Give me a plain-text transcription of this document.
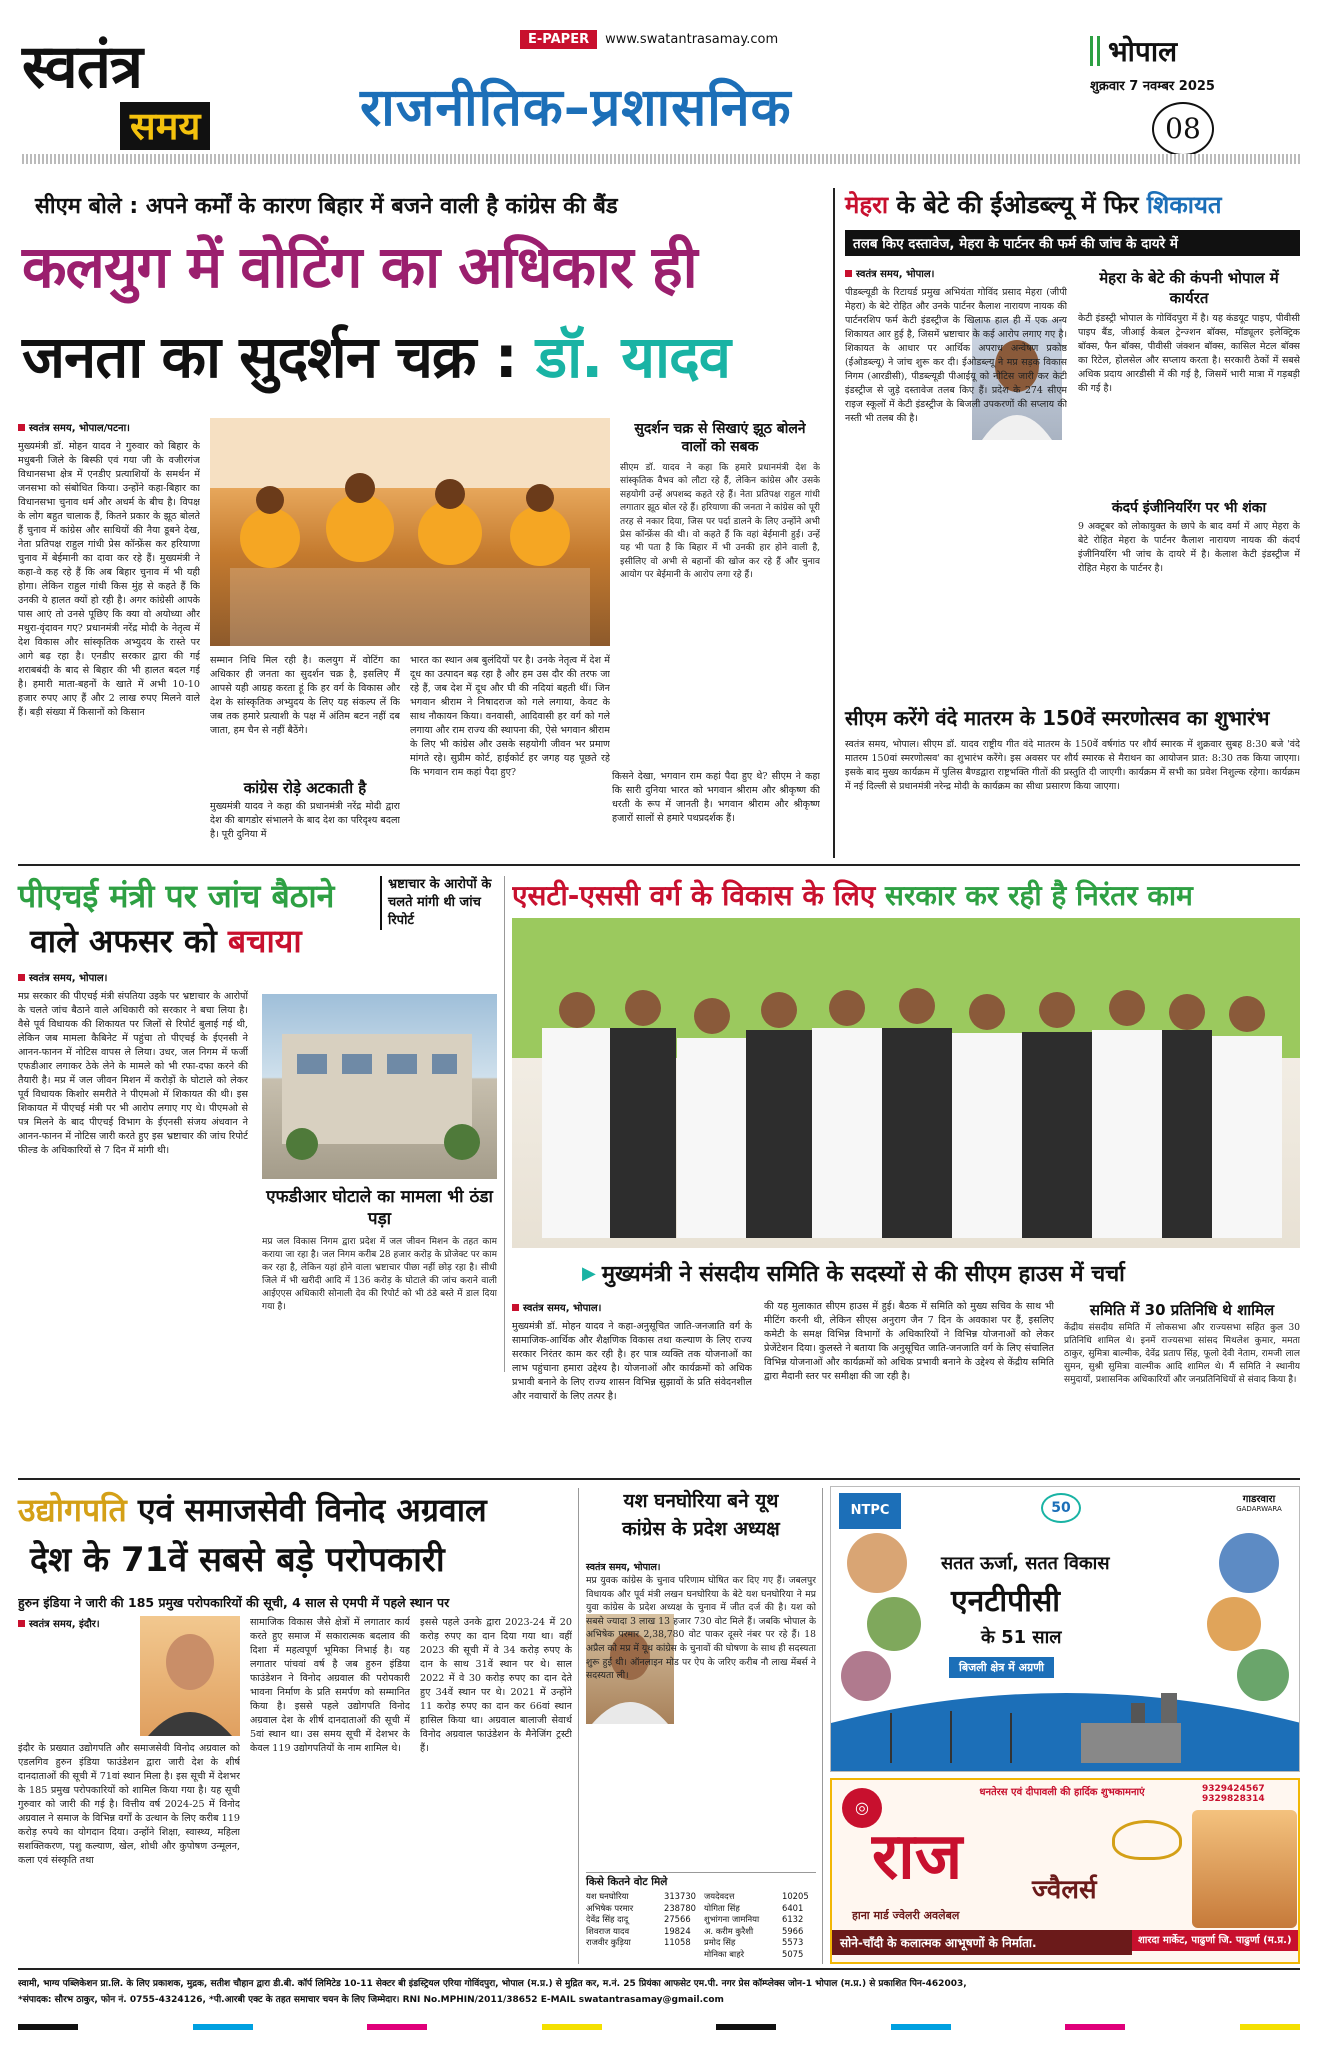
स्वतंत्र
समय
E-PAPER	www.swatantrasamay.com
राजनीतिक–प्रशासनिक
भोपाल
शुक्रवार 7 नवम्बर 2025
08
सीएम बोले : अपने कर्मों के कारण बिहार में बजने वाली है कांग्रेस की बैंड
कलयुग में वोटिंग का अधिकार ही
जनता का सुदर्शन चक्र : डॉ. यादव
स्वतंत्र समय, भोपाल/पटना।
मुख्यमंत्री डॉ. मोहन यादव ने गुरुवार को बिहार के मधुबनी जिले के बिस्फी एवं गया जी के वजीरगंज विधानसभा क्षेत्र में एनडीए प्रत्याशियों के समर्थन में जनसभा को संबोधित किया। उन्होंने कहा-बिहार का विधानसभा चुनाव धर्म और अधर्म के बीच है। विपक्ष के लोग बहुत चालाक हैं, कितने प्रकार के झूठ बोलते हैं चुनाव में कांग्रेस और साथियों की नैया डूबने देख, नेता प्रतिपक्ष राहुल गांधी प्रेस कॉन्फ्रेंस कर हरियाणा चुनाव में बेईमानी का दावा कर रहे हैं। मुख्यमंत्री ने कहा-वे कह रहे हैं कि अब बिहार चुनाव में भी यही होगा। लेकिन राहुल गांधी किस मुंह से कहते हैं कि उनकी ये हालत क्यों हो रही है। अगर कांग्रेसी आपके पास आएं तो उनसे पूछिए कि क्या वो अयोध्या और मथुरा-वृंदावन गए? प्रधानमंत्री नरेंद्र मोदी के नेतृत्व में देश विकास और सांस्कृतिक अभ्युदय के रास्ते पर आगे बढ़ रहा है। एनडीए सरकार द्वारा की गई शराबबंदी के बाद से बिहार की भी हालत बदल गई है। हमारी माता-बहनों के खाते में अभी 10-10 हजार रुपए आए हैं और 2 लाख रुपए मिलने वाले हैं। बड़ी संख्या में किसानों को किसान
सम्मान निधि मिल रही है। कलयुग में वोटिंग का अधिकार ही जनता का सुदर्शन चक्र है, इसलिए मैं आपसे यही आग्रह करता हूं कि हर वर्ग के विकास और देश के सांस्कृतिक अभ्युदय के लिए यह संकल्प लें कि जब तक हमारे प्रत्याशी के पक्ष में अंतिम बटन नहीं दब जाता, हम चैन से नहीं बैठेंगे।
कांग्रेस रोड़े अटकाती है
मुख्यमंत्री यादव ने कहा की प्रधानमंत्री नरेंद्र मोदी द्वारा देश की बागडोर संभालने के बाद देश का परिदृश्य बदला है। पूरी दुनिया में
भारत का स्थान अब बुलंदियों पर है। उनके नेतृत्व में देश में दूध का उत्पादन बढ़ रहा है और हम उस दौर की तरफ जा रहे हैं, जब देश में दूध और घी की नदियां बहती थीं। जिन भगवान श्रीराम ने निषादराज को गले लगाया, केवट के साथ नौकायन किया। वनवासी, आदिवासी हर वर्ग को गले लगाया और राम राज्य की स्थापना की, ऐसे भगवान श्रीराम के लिए भी कांग्रेस और उसके सहयोगी जीवन भर प्रमाण मांगते रहे। सुप्रीम कोर्ट, हाईकोर्ट हर जगह यह पूछते रहे कि भगवान राम कहां पैदा हुए?
सुदर्शन चक्र से सिखाएं झूठ बोलने वालों को सबक
सीएम डॉ. यादव ने कहा कि हमारे प्रधानमंत्री देश के सांस्कृतिक वैभव को लौटा रहे हैं, लेकिन कांग्रेस और उसके सहयोगी उन्हें अपशब्द कहते रहे हैं। नेता प्रतिपक्ष राहुल गांधी लगातार झूठ बोल रहे हैं। हरियाणा की जनता ने कांग्रेस को पूरी तरह से नकार दिया, जिस पर पर्दा डालने के लिए उन्होंने अभी प्रेस कॉन्फ्रेंस की थी। वो कहते हैं कि वहां बेईमानी हुई। उन्हें यह भी पता है कि बिहार में भी उनकी हार होने वाली है, इसीलिए वो अभी से बहानों की खोज कर रहे हैं और चुनाव आयोग पर बेईमानी के आरोप लगा रहे हैं।
किसने देखा, भगवान राम कहां पैदा हुए थे? सीएम ने कहा कि सारी दुनिया भारत को भगवान श्रीराम और श्रीकृष्ण की धरती के रूप में जानती है। भगवान श्रीराम और श्रीकृष्ण हजारों सालों से हमारे पथप्रदर्शक हैं।
मेहरा के बेटे की ईओडब्ल्यू में फिर शिकायत
तलब किए दस्तावेज, मेहरा के पार्टनर की फर्म की जांच के दायरे में
स्वतंत्र समय, भोपाल।
पीडब्ल्यूडी के रिटायर्ड प्रमुख अभियंता गोविंद प्रसाद मेहरा (जीपी मेहरा) के बेटे रोहित और उनके पार्टनर कैलाश नारायण नायक की पार्टनरशिप फर्म केटी इंडस्ट्रीज के खिलाफ हाल ही में एक अन्य शिकायत आर हुई है, जिसमें भ्रष्टाचार के कई आरोप लगाए गए है। शिकायत के आधार पर आर्थिक अपराध अन्वेषण प्रकोष्ठ (ईओडब्ल्यू) ने जांच शुरू कर दी। ईओडब्ल्यू ने मप्र सड़क विकास निगम (आरडीसी), पीडब्ल्यूडी पीआईयू को नोटिस जारी कर केटी इंडस्ट्रीज से जुड़े दस्तावेज तलब किए हैं। प्रदेश के 274 सीएम राइज स्कूलों में केटी इंडस्ट्रीज के बिजली उपकरणों की सप्लाय की नस्ती भी तलब की है।
मेहरा के बेटे की कंपनी भोपाल में कार्यरत
केटी इंडस्ट्री भोपाल के गोविंदपुरा में है। यह कंडयूट पाइप, पीवीसी पाइप बैंड, जीआई केबल ट्रेन्ज्शन बॉक्स, मॉड्यूलर इलेक्ट्रिक बॉक्स, फैन बॉक्स, पीवीसी जंक्शन बॉक्स, कासिल मेटल बॉक्स का रिटेल, होलसेल और सप्लाय करता है। सरकारी ठेकों में सबसे अधिक प्रदाय आरडीसी में की गई है, जिसमें भारी मात्रा में गड़बड़ी की गई है।
कंदर्प इंजीनियरिंग पर भी शंका
9 अक्टूबर को लोकायुक्त के छापे के बाद वर्मा में आए मेहरा के बेटे रोहित मेहरा के पार्टनर कैलाश नारायण नायक की कंदर्प इंजीनियरिंग भी जांच के दायरे में है। केलाश केटी इंडस्ट्रीज में रोहित मेहरा के पार्टनर है।
सीएम करेंगे वंदे मातरम के 150वें स्मरणोत्सव का शुभारंभ
स्वतंत्र समय, भोपाल। सीएम डॉ. यादव राष्ट्रीय गीत वंदे मातरम के 150वें वर्षगांठ पर शौर्य स्मारक में शुक्रवार सुबह 8:30 बजे 'वंदे मातरम 150वां स्मरणोत्सव' का शुभारंभ करेंगे। इस अवसर पर शौर्य स्मारक से मैराथन का आयोजन प्रात: 8:30 तक किया जाएगा। इसके बाद मुख्य कार्यक्रम में पुलिस बैण्डद्वारा राष्ट्रभक्ति गीतों की प्रस्तुति दी जाएगी। कार्यक्रम में सभी का प्रवेश निशुल्क रहेगा। कार्यक्रम में नई दिल्ली से प्रधानमंत्री नरेन्द्र मोदी के कार्यक्रम का सीधा प्रसारण किया जाएगा।
पीएचई मंत्री पर जांच बैठाने
वाले अफसर को बचाया
भ्रष्टाचार के आरोपों के चलते मांगी थी जांच रिपोर्ट
स्वतंत्र समय, भोपाल।
मप्र सरकार की पीएचई मंत्री संपतिया उइके पर भ्रष्टाचार के आरोपों के चलते जांच बैठाने वाले अधिकारी को सरकार ने बचा लिया है। वैसे पूर्व विधायक की शिकायत पर जिलों से रिपोर्ट बुलाई गई थी, लेकिन जब मामला कैबिनेट में पहुंचा तो पीएचई के ईएनसी ने आनन-फानन में नोटिस वापस ले लिया। उधर, जल निगम में फर्जी एफडीआर लगाकर ठेके लेने के मामले को भी रफा-दफा करने की तैयारी है। मप्र में जल जीवन मिशन में करोड़ों के घोटाले को लेकर पूर्व विधायक किशोर समरीते ने पीएमओ में शिकायत की थी। इस शिकायत में पीएचई मंत्री पर भी आरोप लगाए गए थे। पीएमओ से पत्र मिलने के बाद पीएचई विभाग के ईएनसी संजय अंधवान ने आनन-फानन में नोटिस जारी करते हुए इस भ्रष्टाचार की जांच रिपोर्ट फील्ड के अधिकारियों से 7 दिन में मांगी थी।
एफडीआर घोटाले का मामला भी ठंडा पड़ा
मप्र जल विकास निगम द्वारा प्रदेश में जल जीवन मिशन के तहत काम कराया जा रहा है। जल निगम करीब 28 हजार करोड़ के प्रोजेक्ट पर काम कर रहा है, लेकिन यहां होने वाला भ्रष्टाचार पीछा नहीं छोड़ रहा है। सीधी जिले में भी खरीदी आदि में 136 करोड़ के घोटाले की जांच कराने वाली आईएएस अधिकारी सोनाली देव की रिपोर्ट को भी ठंडे बस्ते में डाल दिया गया है।
एसटी-एससी वर्ग के विकास के लिए सरकार कर रही है निरंतर काम
▶ मुख्यमंत्री ने संसदीय समिति के सदस्यों से की सीएम हाउस में चर्चा
स्वतंत्र समय, भोपाल।
मुख्यमंत्री डॉ. मोहन यादव ने कहा-अनुसूचित जाति-जनजाति वर्ग के सामाजिक-आर्थिक और शैक्षणिक विकास तथा कल्याण के लिए राज्य सरकार निरंतर काम कर रही है। हर पात्र व्यक्ति तक योजनाओं का लाभ पहुंचाना हमारा उद्देश्य है। योजनाओं और कार्यक्रमों को अधिक प्रभावी बनाने के लिए राज्य शासन विभिन्न सुझावों के प्रति संवेदनशील और नवाचारों के लिए तत्पर है।
की यह मुलाकात सीएम हाउस में हुई। बैठक में समिति को मुख्य सचिव के साथ भी मीटिंग करनी थी, लेकिन सीएस अनुराग जैन 7 दिन के अवकाश पर हैं, इसलिए कमेटी के समक्ष विभिन्न विभागों के अधिकारियों ने विभिन्न योजनाओं को लेकर प्रेजेंटेशन दिया। कुलस्ते ने बताया कि अनुसूचित जाति-जनजाति वर्ग के लिए संचालित विभिन्न योजनाओं और कार्यक्रमों को अधिक प्रभावी बनाने के उद्देश्य से केंद्रीय समिति द्वारा मैदानी स्तर पर समीक्षा की जा रही है।
समिति में 30 प्रतिनिधि थे शामिल
केंद्रीय संसदीय समिति में लोकसभा और राज्यसभा सहित कुल 30 प्रतिनिधि शामिल थे। इनमें राज्यसभा सांसद मिथलेश कुमार, ममता ठाकुर, सुमित्रा बाल्मीक, देवेंद्र प्रताप सिंह, फूलो देवी नेताम, रामजी लाल सुमन, सुश्री सुमित्रा वाल्मीक आदि शामिल थे। मैं समिति ने स्थानीय समुदायों, प्रशासनिक अधिकारियों और जनप्रतिनिधियों से संवाद किया है।
उद्योगपति एवं समाजसेवी विनोद अग्रवाल
देश के 71वें सबसे बड़े परोपकारी
हुरुन इंडिया ने जारी की 185 प्रमुख परोपकारियों की सूची, 4 साल से एमपी में पहले स्थान पर
स्वतंत्र समय, इंदौर।
इंदौर के प्रख्यात उद्योगपति और समाजसेवी विनोद अग्रवाल को एडलगिव हुरुन इंडिया फाउंडेशन द्वारा जारी देश के शीर्ष दानदाताओं की सूची में 71वां स्थान मिला है। इस सूची में देशभर के 185 प्रमुख परोपकारियों को शामिल किया गया है। यह सूची गुरुवार को जारी की गई है। वित्तीय वर्ष 2024-25 में विनोद अग्रवाल ने समाज के विभिन्न वर्गों के उत्थान के लिए करीब 119 करोड़ रुपये का योगदान दिया। उन्होंने शिक्षा, स्वास्थ्य, महिला सशक्तिकरण, पशु कल्याण, खेल, शोधी और कुपोषण उन्मूलन, कला एवं संस्कृति तथा
सामाजिक विकास जैसे क्षेत्रों में लगातार कार्य करते हुए समाज में सकारात्मक बदलाव की दिशा में महत्वपूर्ण भूमिका निभाई है। यह लगातार पांचवां वर्ष है जब हुरुन इंडिया फाउंडेशन ने विनोद अग्रवाल की परोपकारी भावना निर्माण के प्रति समर्पण को सम्मानित किया है। इससे पहले उद्योगपति विनोद अग्रवाल देश के शीर्ष दानदाताओं की सूची में 5वां स्थान था। उस समय सूची में देशभर के केवल 119 उद्योगपतियों के नाम शामिल थे।
इससे पहले उनके द्वारा 2023-24 में 20 करोड़ रुपए का दान दिया गया था। वहीं 2023 की सूची में वे 34 करोड़ रुपए के दान के साथ 31वें स्थान पर थे। साल 2022 में वे 30 करोड़ रुपए का दान देते हुए 34वें स्थान पर थे। 2021 में उन्होंने 11 करोड़ रुपए का दान कर 66वां स्थान हासिल किया था। अग्रवाल बालाजी सेवार्थ विनोद अग्रवाल फाउंडेशन के मैनेजिंग ट्रस्टी हैं।
यश घनघोरिया बने यूथ
कांग्रेस के प्रदेश अध्यक्ष
स्वतंत्र समय, भोपाल।
मप्र युवक कांग्रेस के चुनाव परिणाम घोषित कर दिए गए हैं। जबलपुर विधायक और पूर्व मंत्री लखन घनघोरिया के बेटे यश घनघोरिया ने मप्र युवा कांग्रेस के प्रदेश अध्यक्ष के चुनाव में जीत दर्ज की है। यश को सबसे ज्यादा 3 लाख 13 हजार 730 वोट मिले हैं। जबकि भोपाल के अभिषेक परमार 2,38,780 वोट पाकर दूसरे नंबर पर रहे हैं। 18 अप्रैल को मप्र में यूथ कांग्रेस के चुनावों की घोषणा के साथ ही सदस्यता शुरू हुई थी। ऑनलाइन मोड पर ऐप के जरिए करीब नौ लाख मेंबर्स ने सदस्यता ली।
किसे कितने वोट मिले
यश घनघोरिया	313730 जयदेवदत्त	10205
अभिषेक परमार	238780 योगिता सिंह	6401
देवेंद्र सिंह दादू	27566	शुभांगना जामनिया	6132
शिवराज यादव	19824	अ. करीम कुरैशी	5966
राजवीर कुड़िया	11058	प्रमोद सिंह	5573
मोनिका बाहरे	5075
NTPC	50
गाडरवारा
GADARWARA
सतत ऊर्जा, सतत विकास
एनटीपीसी
के 51 साल
बिजली क्षेत्र में अग्रणी
धनतेरस एवं दीपावली की हार्दिक शुभकामनाएं	9329424567
9329828314
◎
राज	ज्वैलर्स
हाना मार्ड ज्वेलरी अवलेबल
सोने-चाँदी के कलात्मक आभूषणों के निर्माता.	शारदा मार्केट, पाढुर्णा जि. पाढुर्णा (म.प्र.)
स्वामी, भाग्य पब्लिकेशन प्रा.लि. के लिए प्रकाशक, मुद्रक, सतीश चौहान द्वारा डी.बी. कॉर्प लिमिटेड 10-11 सेक्टर बी इंडस्ट्रियल एरिया गोविंदपुरा, भोपाल (म.प्र.) से मुद्रित कर, म.नं. 25 प्रियंका आफसेट एम.पी. नगर प्रेस कॉम्प्लेक्स जोन-1 भोपाल (म.प्र.) से प्रकाशित पिन-462003,
*संपादक: सौरभ ठाकुर, फोन नं. 0755-4324126, *पी.आरबी एक्ट के तहत समाचार चयन के लिए जिम्मेदार। RNI No.MPHIN/2011/38652 E-MAIL swatantrasamay@gmail.com
